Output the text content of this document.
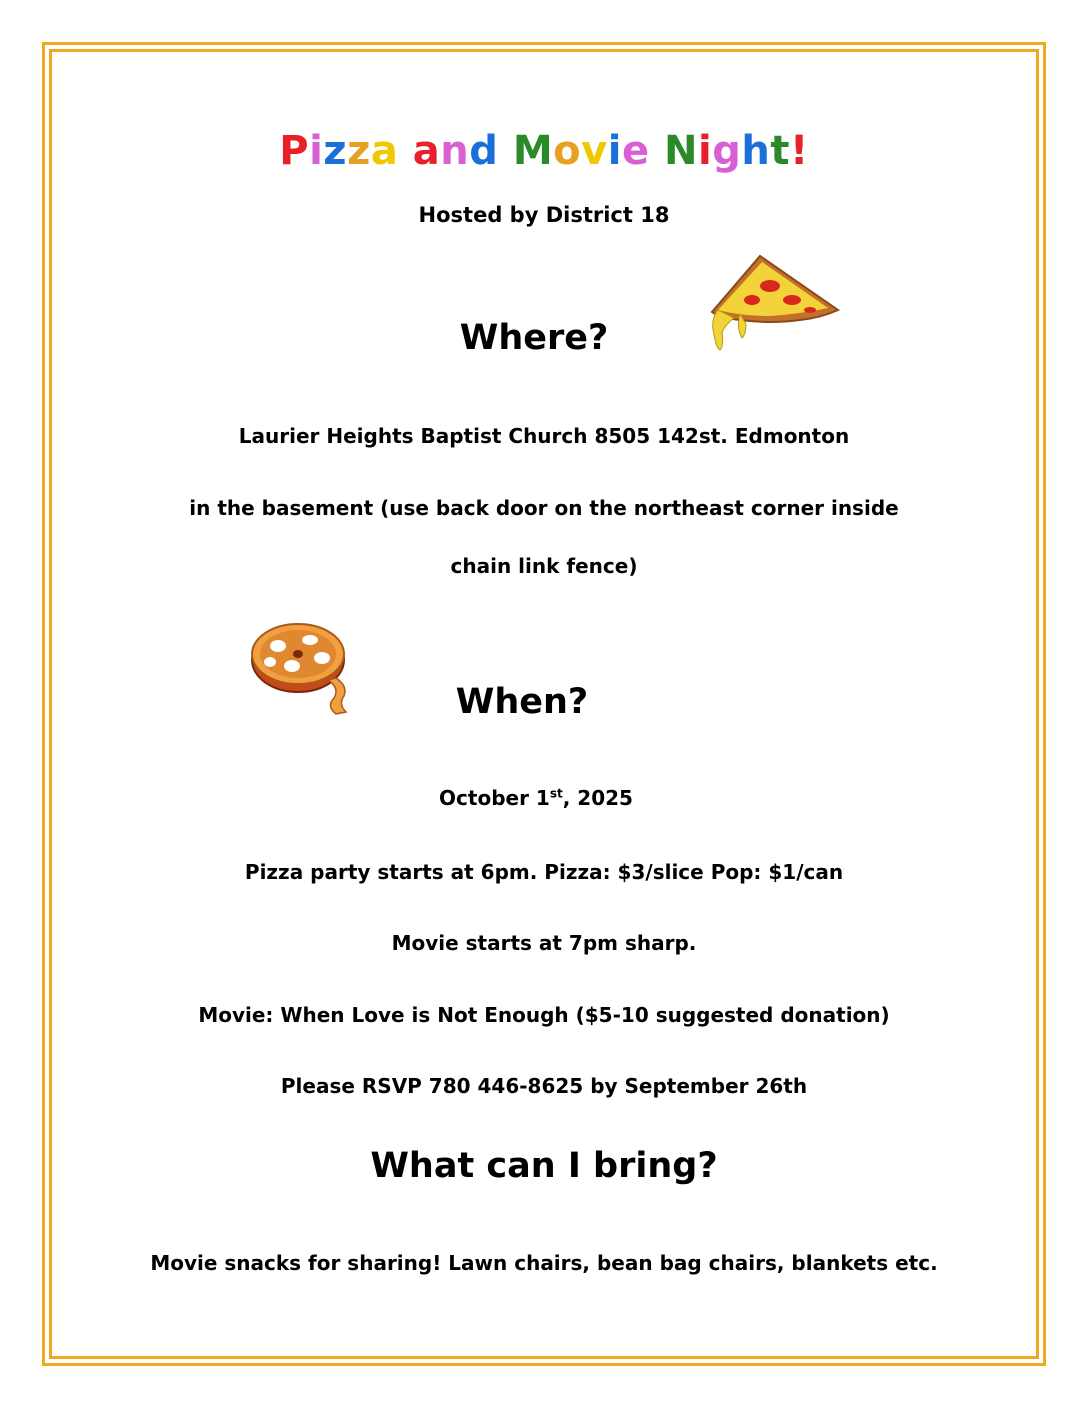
Pizza and Movie Night!
Hosted by District 18
Where?
Laurier Heights Baptist Church 8505 142st. Edmonton
in the basement (use back door on the northeast corner inside
chain link fence)
When?
October 1st, 2025
Pizza party starts at 6pm. Pizza: $3/slice Pop: $1/can
Movie starts at 7pm sharp.
Movie: When Love is Not Enough ($5-10 suggested donation)
Please RSVP 780 446-8625 by September 26th
What can I bring?
Movie snacks for sharing! Lawn chairs, bean bag chairs, blankets etc.
